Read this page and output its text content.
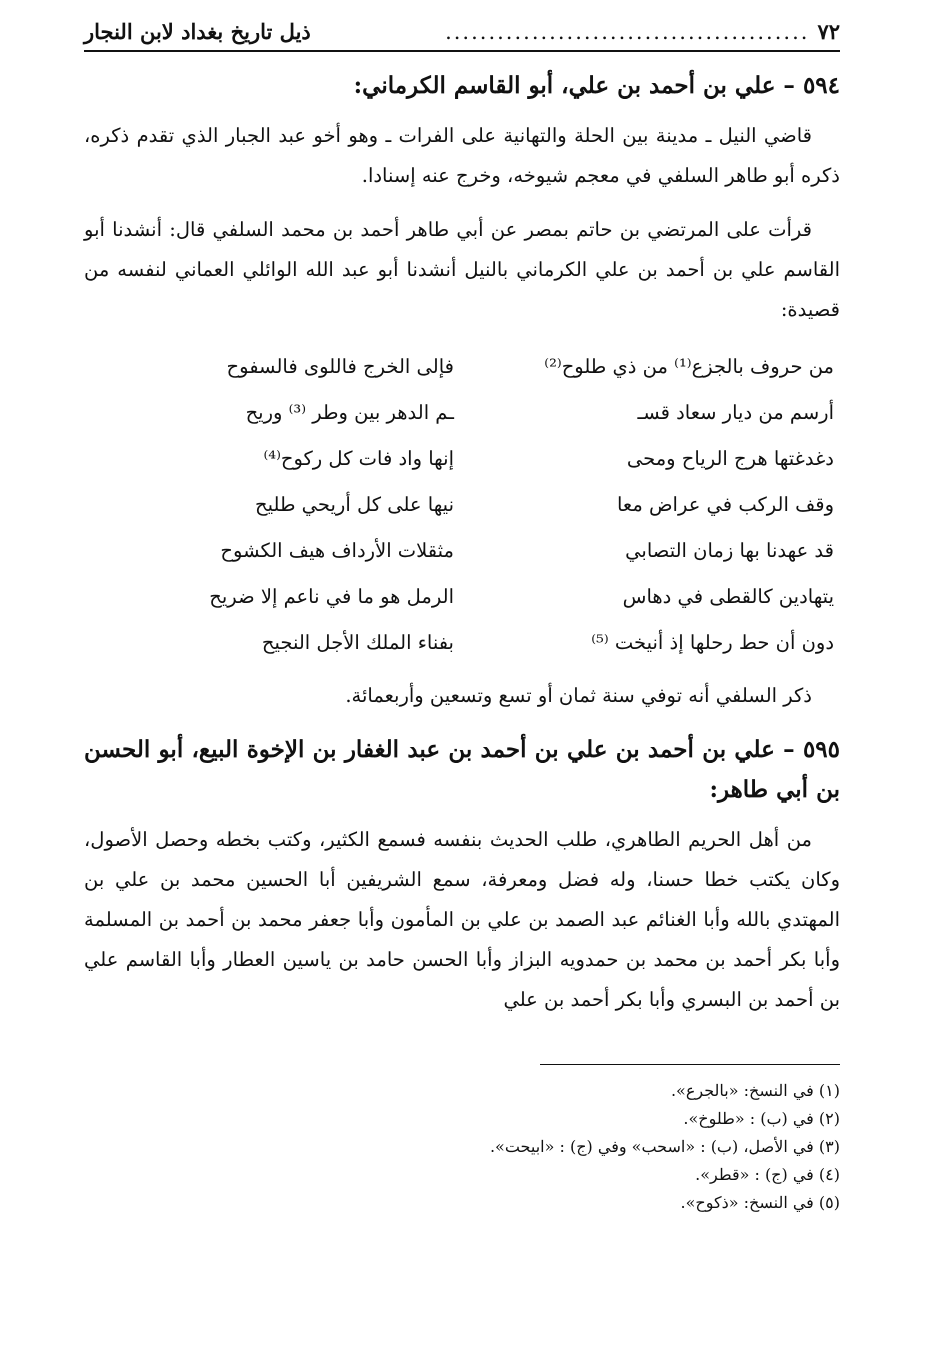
٧٢
..........................................
ذيل تاريخ بغداد لابن النجار
٥٩٤ – علي بن أحمد بن علي، أبو القاسم الكرماني:
قاضي النيل ـ مدينة بين الحلة والتهانية على الفرات ـ وهو أخو عبد الجبار الذي تقدم ذكره، ذكره أبو طاهر السلفي في معجم شيوخه، وخرج عنه إسنادا.
قرأت على المرتضي بن حاتم بمصر عن أبي طاهر أحمد بن محمد السلفي قال: أنشدنا أبو القاسم علي بن أحمد بن علي الكرماني بالنيل أنشدنا أبو عبد الله الوائلي العماني لنفسه من قصيدة:
من حروف بالجزع⁽¹⁾ من ذي طلوح⁽²⁾
فإلى الخرج فاللوى فالسفوح
أرسم من ديار سعاد قسـ
ـم الدهر بين وطر ⁽³⁾ وريح
دغدغتها هرج الرياح ومحى
إنها واد فات كل ركوح⁽⁴⁾
وقف الركب في عراض معا
نيها على كل أريحي طليح
قد عهدنا بها زمان التصابي
مثقلات الأرداف هيف الكشوح
يتهادين كالقطى في دهاس
الرمل هو ما في ناعم إلا ضريح
دون أن حط رحلها إذ أنيخت ⁽⁵⁾
بفناء الملك الأجل النجيح
ذكر السلفي أنه توفي سنة ثمان أو تسع وتسعين وأربعمائة.
٥٩٥ – علي بن أحمد بن علي بن أحمد بن عبد الغفار بن الإخوة البيع، أبو الحسن بن أبي طاهر:
من أهل الحريم الطاهري، طلب الحديث بنفسه فسمع الكثير، وكتب بخطه وحصل الأصول، وكان يكتب خطا حسنا، وله فضل ومعرفة، سمع الشريفين أبا الحسين محمد بن علي بن المهتدي بالله وأبا الغنائم عبد الصمد بن علي بن المأمون وأبا جعفر محمد بن أحمد بن المسلمة وأبا بكر أحمد بن محمد بن حمدويه البزاز وأبا الحسن حامد بن ياسين العطار وأبا القاسم علي بن أحمد بن البسري وأبا بكر أحمد بن علي
(١) في النسخ: «بالجرع».
(٢) في (ب) : «طلوخ».
(٣) في الأصل، (ب) : «اسحب» وفي (ج) : «ابيحت».
(٤) في (ج) : «قطر».
(٥) في النسخ: «ذكوح».
